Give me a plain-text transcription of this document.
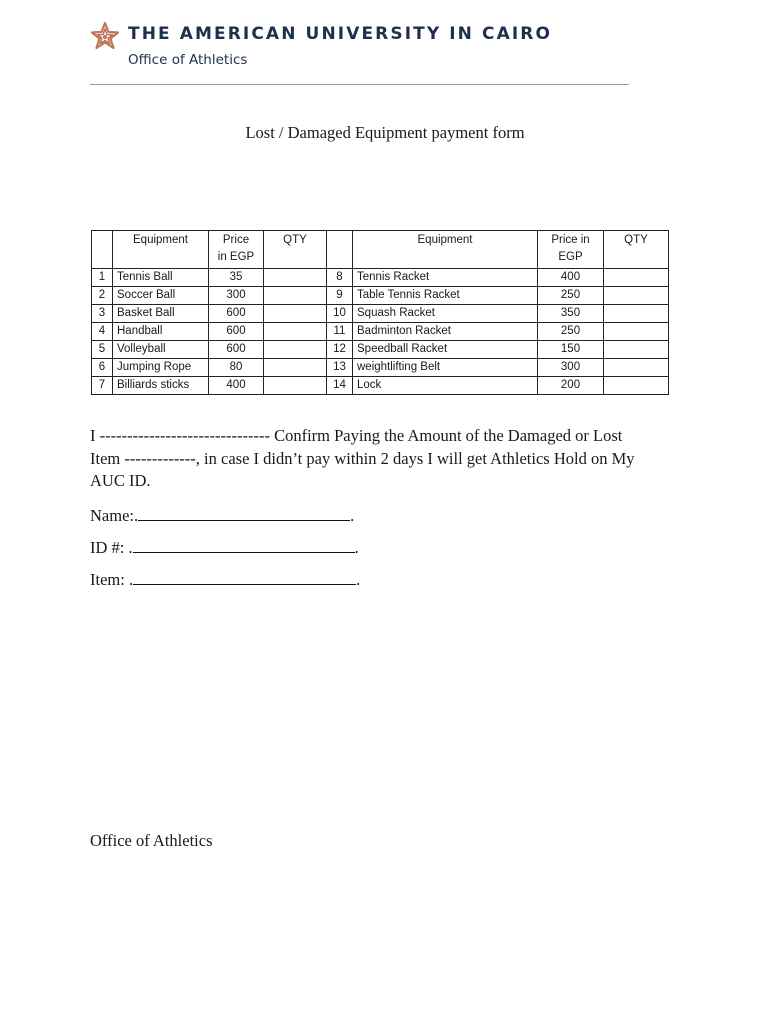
THE AMERICAN UNIVERSITY IN CAIRO
Office of Athletics
Lost / Damaged Equipment payment form
	Equipment	Price
in EGP	QTY		Equipment	Price in
EGP	QTY
1	Tennis Ball	35		8	Tennis Racket	400	
2	Soccer Ball	300		9	Table Tennis Racket	250	
3	Basket Ball	600		10	Squash Racket	350	
4	Handball	600		11	Badminton Racket	250	
5	Volleyball	600		12	Speedball Racket	150	
6	Jumping Rope	80		13	weightlifting Belt	300	
7	Billiards sticks	400		14	Lock	200	
I ------------------------------- Confirm Paying the Amount of the Damaged or Lost
Item -------------, in case I didn’t pay within 2 days I will get Athletics Hold on My
AUC ID.
Name:.	.
ID #: .	.
Item: .	.
Office of Athletics
